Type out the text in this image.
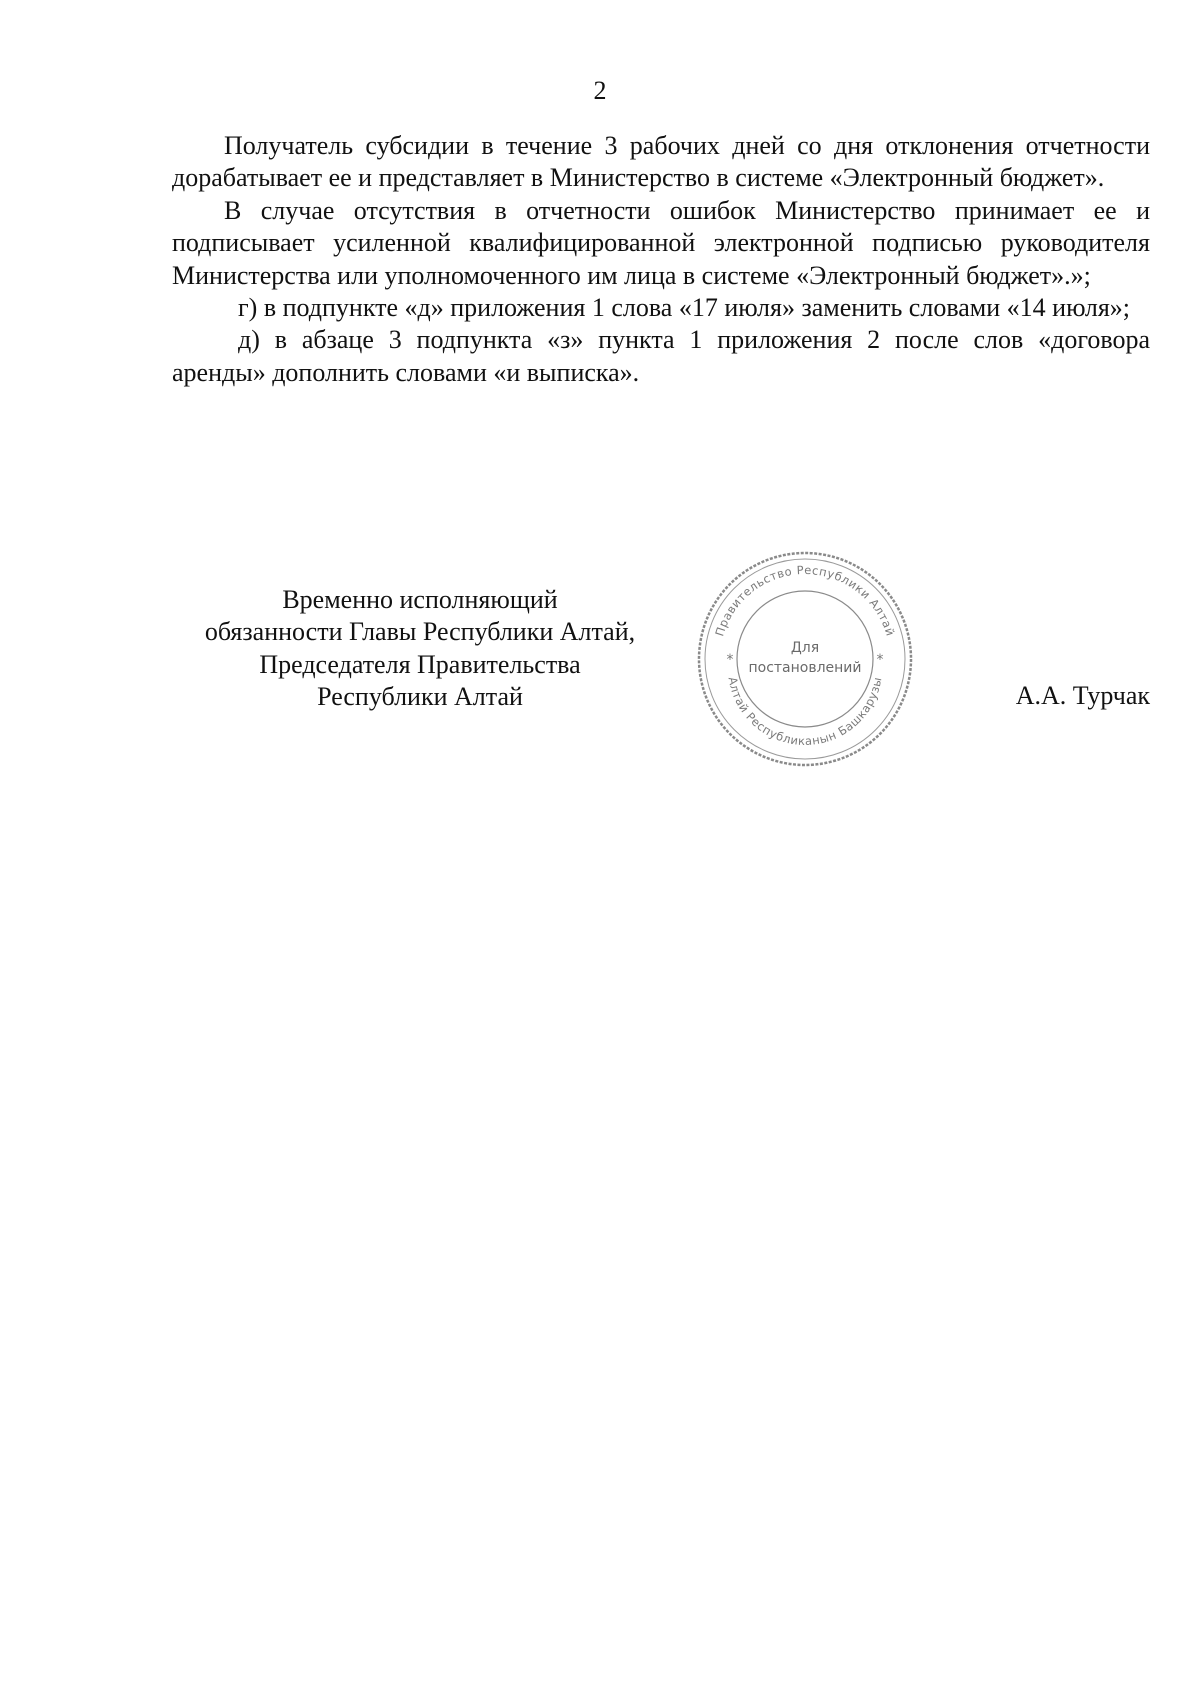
2

Получатель субсидии в течение 3 рабочих дней со дня отклонения отчетности дорабатывает ее и представляет в Министерство в системе «Электронный бюджет».

В случае отсутствия в отчетности ошибок Министерство принимает ее и подписывает усиленной квалифицированной электронной подписью руководителя Министерства или уполномоченного им лица в системе «Электронный бюджет».»;

г) в подпункте «д» приложения 1 слова «17 июля» заменить словами «14 июля»;

д) в абзаце 3 подпункта «з» пункта 1 приложения 2 после слов «договора аренды» дополнить словами «и выписка».

Временно исполняющий
обязанности Главы Республики Алтай,
Председателя Правительства
Республики Алтай
Правительство Республики Алтай
Алтай Республиканын Башкарузы
*	*
Для
постановлений
А.А. Турчак
